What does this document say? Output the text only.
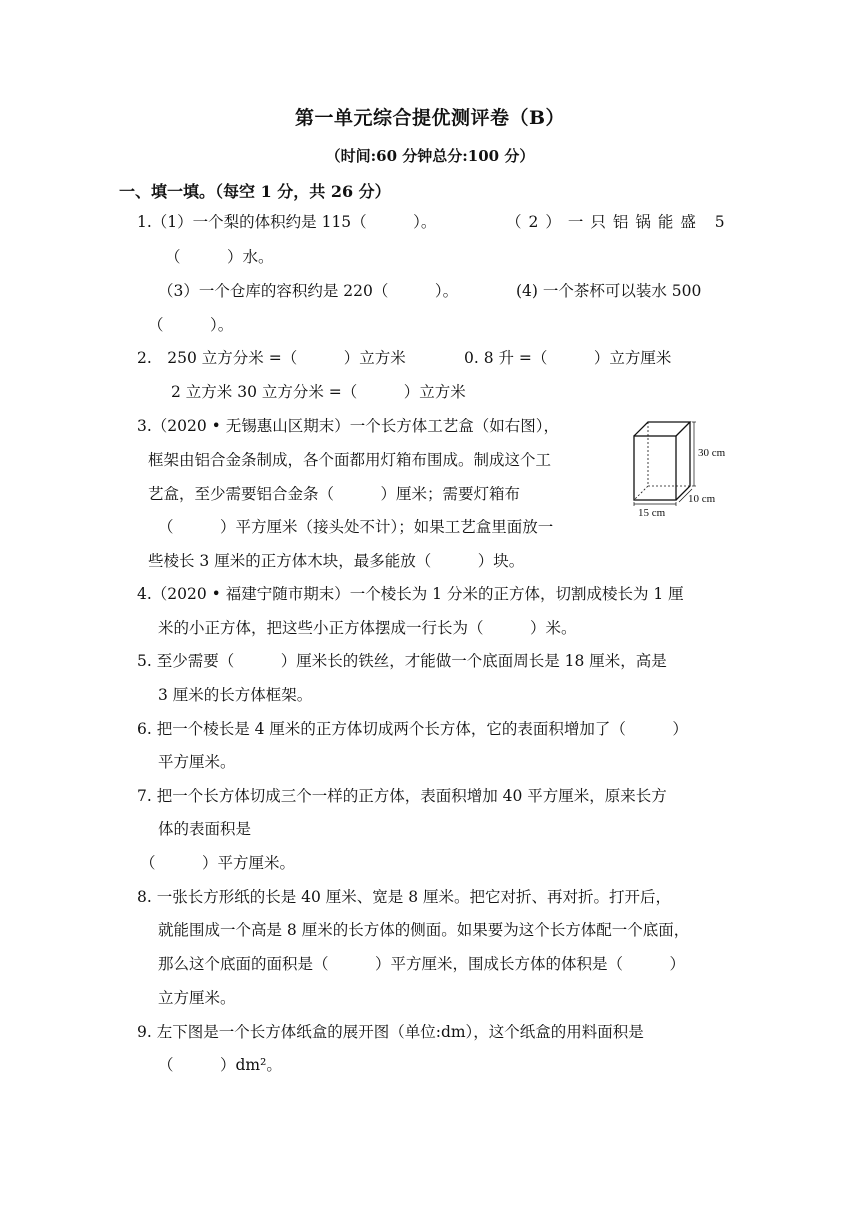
第一单元综合提优测评卷（B）
（时间:60 分钟总分:100 分）
一、填一填。（每空 1 分，共 26 分）
1.（1）一个梨的体积约是 115（　　　）。	（2）一只铝锅能盛 5
（　　　）水。
（3）一个仓库的容积约是 220（　　　）。	(4) 一个茶杯可以装水 500
（　　　）。
2.　250 立方分米 =（　　　）立方米	0. 8 升 =（　　　）立方厘米
2 立方米 30 立方分米 =（　　　）立方米
3.（2020 • 无锡惠山区期末）一个长方体工艺盒（如右图），
框架由铝合金条制成，各个面都用灯箱布围成。制成这个工
艺盒，至少需要铝合金条（　　　）厘米；需要灯箱布
（　　　）平方厘米（接头处不计）；如果工艺盒里面放一
些棱长 3 厘米的正方体木块，最多能放（　　　）块。
30 cm
10 cm
15 cm
4.（2020 • 福建宁随市期末）一个棱长为 1 分米的正方体，切割成棱长为 1 厘
米的小正方体，把这些小正方体摆成一行长为（　　　）米。
5. 至少需要（　　　）厘米长的铁丝，才能做一个底面周长是 18 厘米，高是
3 厘米的长方体框架。
6. 把一个棱长是 4 厘米的正方体切成两个长方体，它的表面积增加了（　　　）
平方厘米。
7. 把一个长方体切成三个一样的正方体，表面积增加 40 平方厘米，原来长方
体的表面积是
（　　　）平方厘米。
8. 一张长方形纸的长是 40 厘米、宽是 8 厘米。把它对折、再对折。打开后，
就能围成一个高是 8 厘米的长方体的侧面。如果要为这个长方体配一个底面，
那么这个底面的面积是（　　　）平方厘米，围成长方体的体积是（　　　）
立方厘米。
9. 左下图是一个长方体纸盒的展开图（单位:dm），这个纸盒的用料面积是
（　　　）dm²。
